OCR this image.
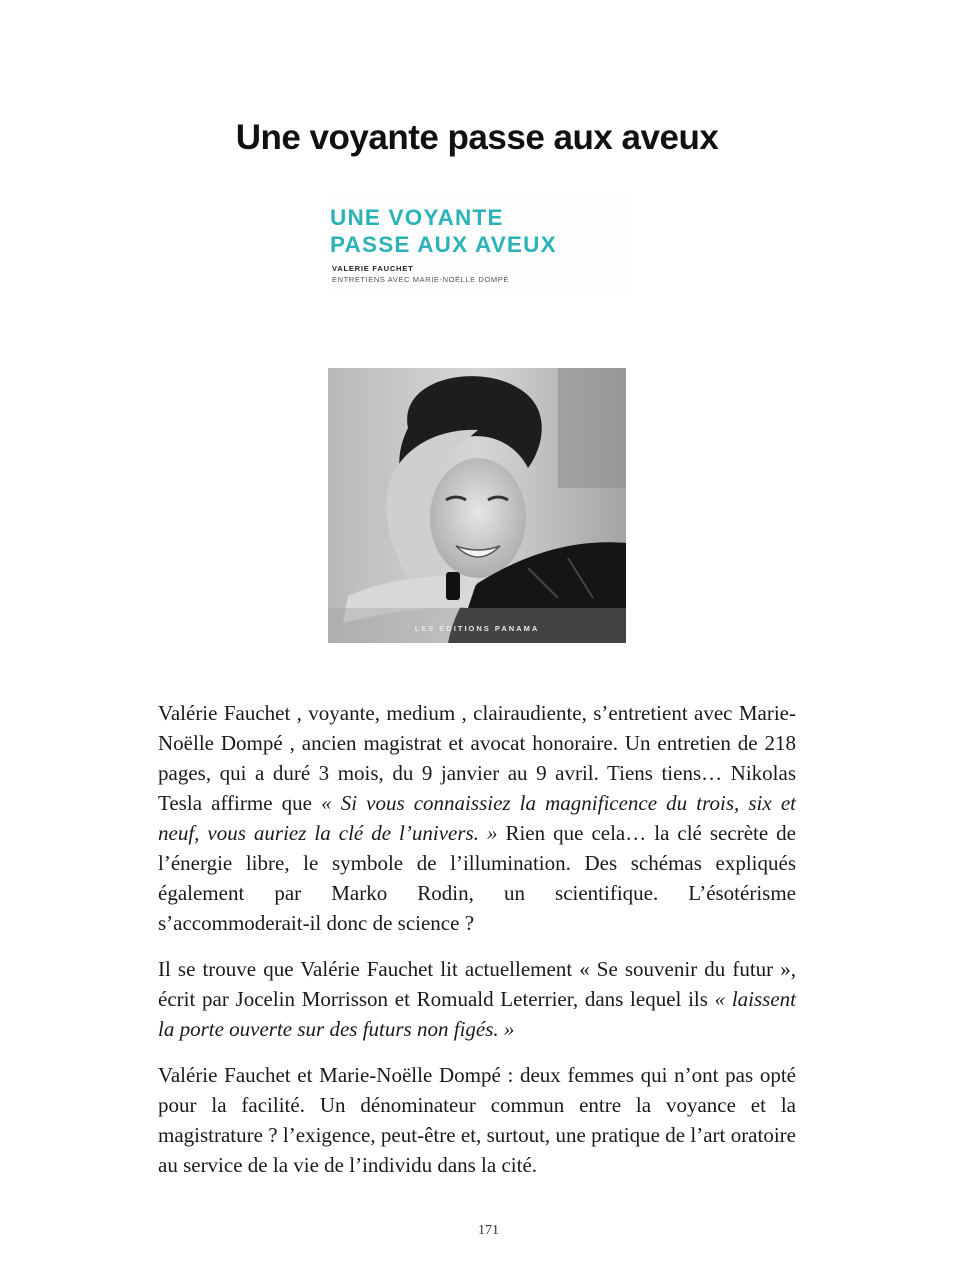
Une voyante passe aux aveux
UNE VOYANTE
PASSE AUX AVEUX
VALERIE FAUCHET
ENTRETIENS AVEC MARIE-NOËLLE DOMPÉ
LES ÉDITIONS PANAMA

Valérie Fauchet , voyante, medium , clairaudiente, s’entretient avec Marie-Noëlle Dompé , ancien magistrat et avocat honoraire. Un entretien de 218 pages, qui a duré 3 mois, du 9 janvier au 9 avril. Tiens tiens… Nikolas Tesla affirme que « Si vous connaissiez la magnificence du trois, six et neuf, vous auriez la clé de l’univers. » Rien que cela… la clé secrète de l’énergie libre, le symbole de l’illumination. Des schémas expliqués également par Marko Rodin, un scientifique. L’ésotérisme s’accommoderait-il donc de science ?

Il se trouve que Valérie Fauchet lit actuellement « Se souvenir du futur », écrit par Jocelin Morrisson et Romuald Leterrier, dans lequel ils « laissent la porte ouverte sur des futurs non figés. »

Valérie Fauchet et Marie-Noëlle Dompé : deux femmes qui n’ont pas opté pour la facilité. Un dénominateur commun entre la voyance et la magistrature ? l’exigence, peut-être et, surtout, une pratique de l’art oratoire au service de la vie de l’individu dans la cité.

171
